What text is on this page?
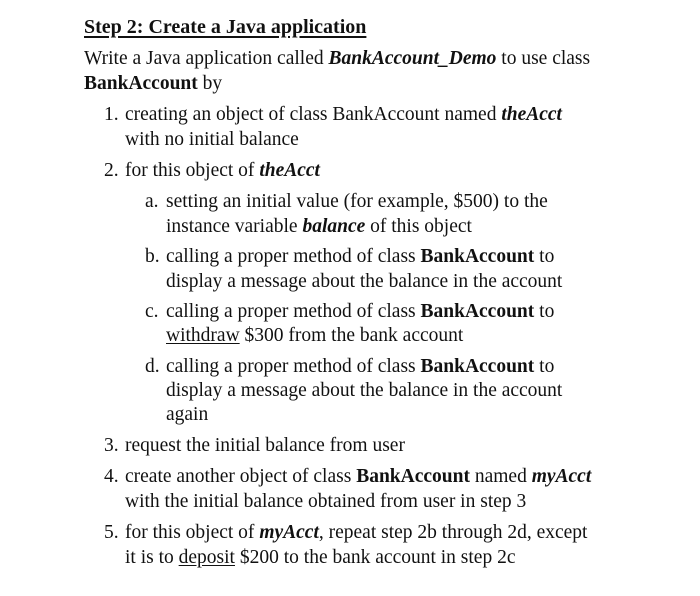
Step 2: Create a Java application
Write a Java application called BankAccount_Demo to use class
BankAccount by
1. creating an object of class BankAccount named theAcct
with no initial balance
2. for this object of theAcct
a. setting an initial value (for example, $500) to the
instance variable balance of this object
b. calling a proper method of class BankAccount to
display a message about the balance in the account
c. calling a proper method of class BankAccount to
withdraw $300 from the bank account
d. calling a proper method of class BankAccount to
display a message about the balance in the account
again
3. request the initial balance from user
4. create another object of class BankAccount named myAcct
with the initial balance obtained from user in step 3
5. for this object of myAcct, repeat step 2b through 2d, except
it is to deposit $200 to the bank account in step 2c
